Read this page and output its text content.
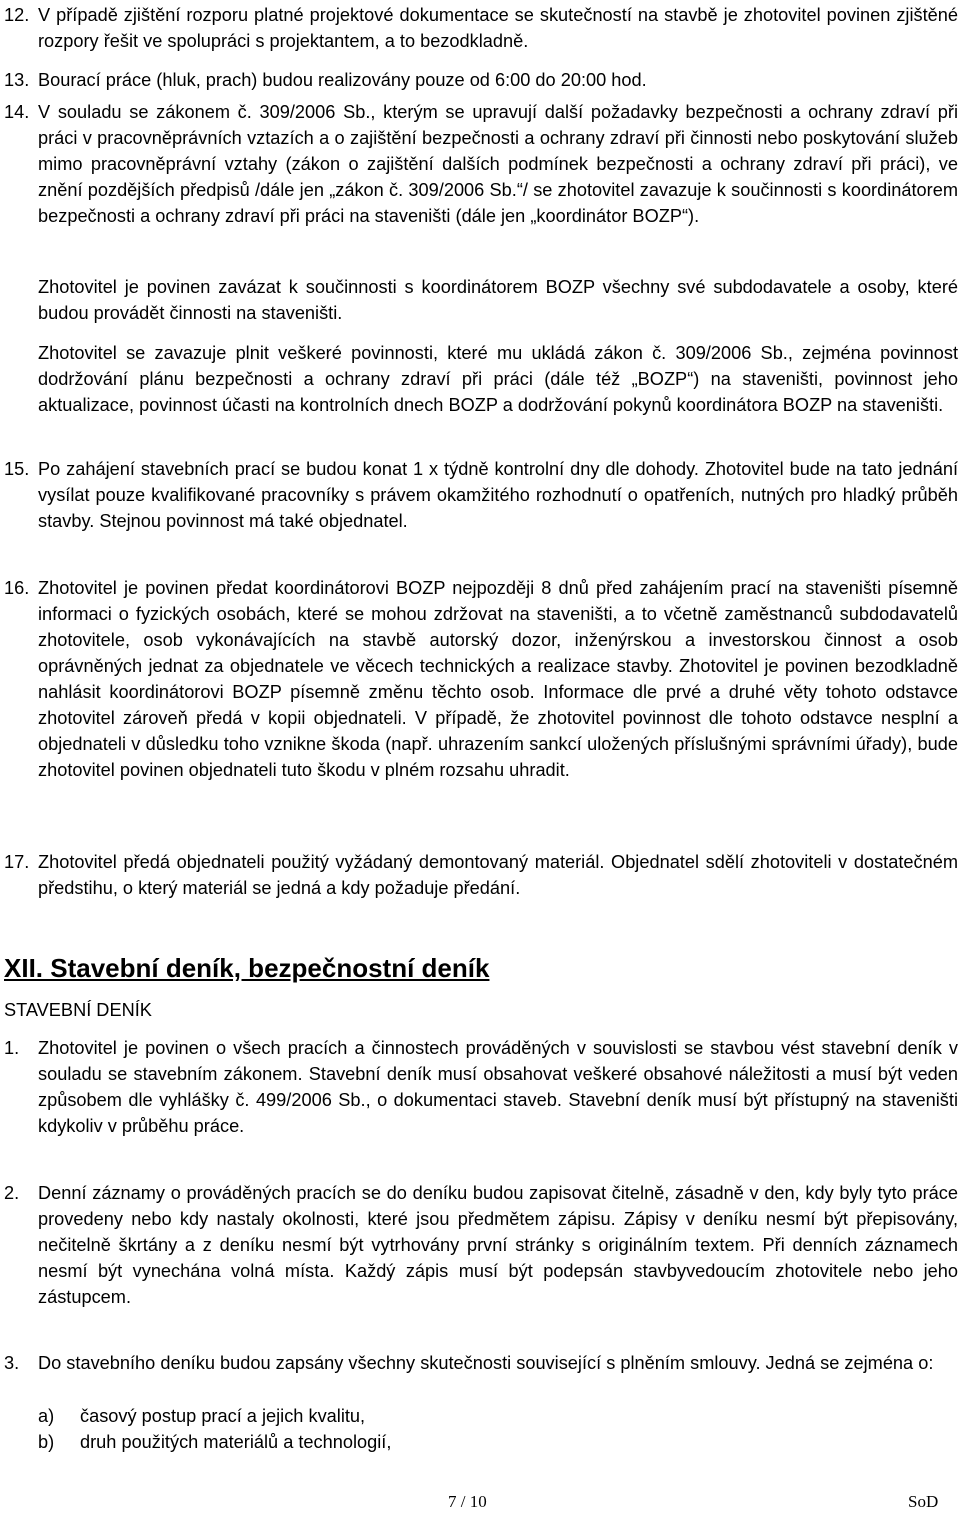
12. V případě zjištění rozporu platné projektové dokumentace se skutečností na stavbě je zhotovitel povinen zjištěné rozpory řešit ve spolupráci s projektantem, a to bezodkladně.
13. Bourací práce (hluk, prach) budou realizovány pouze od 6:00 do 20:00 hod.
14. V souladu se zákonem č. 309/2006 Sb., kterým se upravují další požadavky bezpečnosti a ochrany zdraví při práci v pracovněprávních vztazích a o zajištění bezpečnosti a ochrany zdraví při činnosti nebo poskytování služeb mimo pracovněprávní vztahy (zákon o zajištění dalších podmínek bezpečnosti a ochrany zdraví při práci), ve znění pozdějších předpisů /dále jen „zákon č. 309/2006 Sb.“/ se zhotovitel zavazuje k součinnosti s koordinátorem bezpečnosti a ochrany zdraví při práci na staveništi (dále jen „koordinátor BOZP“).
Zhotovitel je povinen zavázat k součinnosti s koordinátorem BOZP všechny své subdodavatele a osoby, které budou provádět činnosti na staveništi.
Zhotovitel se zavazuje plnit veškeré povinnosti, které mu ukládá zákon č. 309/2006 Sb., zejména povinnost dodržování plánu bezpečnosti a ochrany zdraví při práci (dále též „BOZP“) na staveništi, povinnost jeho aktualizace, povinnost účasti na kontrolních dnech BOZP a dodržování pokynů koordinátora BOZP na staveništi.
15. Po zahájení stavebních prací se budou konat 1 x týdně kontrolní dny dle dohody. Zhotovitel bude na tato jednání vysílat pouze kvalifikované pracovníky s právem okamžitého rozhodnutí o opatřeních, nutných pro hladký průběh stavby. Stejnou povinnost má také objednatel.
16. Zhotovitel je povinen předat koordinátorovi BOZP nejpozději 8 dnů před zahájením prací na staveništi písemně informaci o fyzických osobách, které se mohou zdržovat na staveništi, a to včetně zaměstnanců subdodavatelů zhotovitele, osob vykonávajících na stavbě autorský dozor, inženýrskou a investorskou činnost a osob oprávněných jednat za objednatele ve věcech technických a realizace stavby. Zhotovitel je povinen bezodkladně nahlásit koordinátorovi BOZP písemně změnu těchto osob. Informace dle prvé a druhé věty tohoto odstavce zhotovitel zároveň předá v kopii objednateli. V případě, že zhotovitel povinnost dle tohoto odstavce nesplní a objednateli v důsledku toho vznikne škoda (např. uhrazením sankcí uložených příslušnými správními úřady), bude zhotovitel povinen objednateli tuto škodu v plném rozsahu uhradit.
17. Zhotovitel předá objednateli použitý vyžádaný demontovaný materiál. Objednatel sdělí zhotoviteli v dostatečném předstihu, o který materiál se jedná a kdy požaduje předání.
XII. Stavební deník, bezpečnostní deník
STAVEBNÍ DENÍK
1. Zhotovitel je povinen o všech pracích a činnostech prováděných v souvislosti se stavbou vést stavební deník v souladu se stavebním zákonem. Stavební deník musí obsahovat veškeré obsahové náležitosti a musí být veden způsobem dle vyhlášky č. 499/2006 Sb., o dokumentaci staveb. Stavební deník musí být přístupný na staveništi kdykoliv v průběhu práce.
2. Denní záznamy o prováděných pracích se do deníku budou zapisovat čitelně, zásadně v den, kdy byly tyto práce provedeny nebo kdy nastaly okolnosti, které jsou předmětem zápisu. Zápisy v deníku nesmí být přepisovány, nečitelně škrtány a z deníku nesmí být vytrhovány první stránky s originálním textem. Při denních záznamech nesmí být vynechána volná místa. Každý zápis musí být podepsán stavbyvedoucím zhotovitele nebo jeho zástupcem.
3. Do stavebního deníku budou zapsány všechny skutečnosti související s plněním smlouvy. Jedná se zejména o:
a) časový postup prací a jejich kvalitu,
b) druh použitých materiálů a technologií,
7 / 10	SoD
